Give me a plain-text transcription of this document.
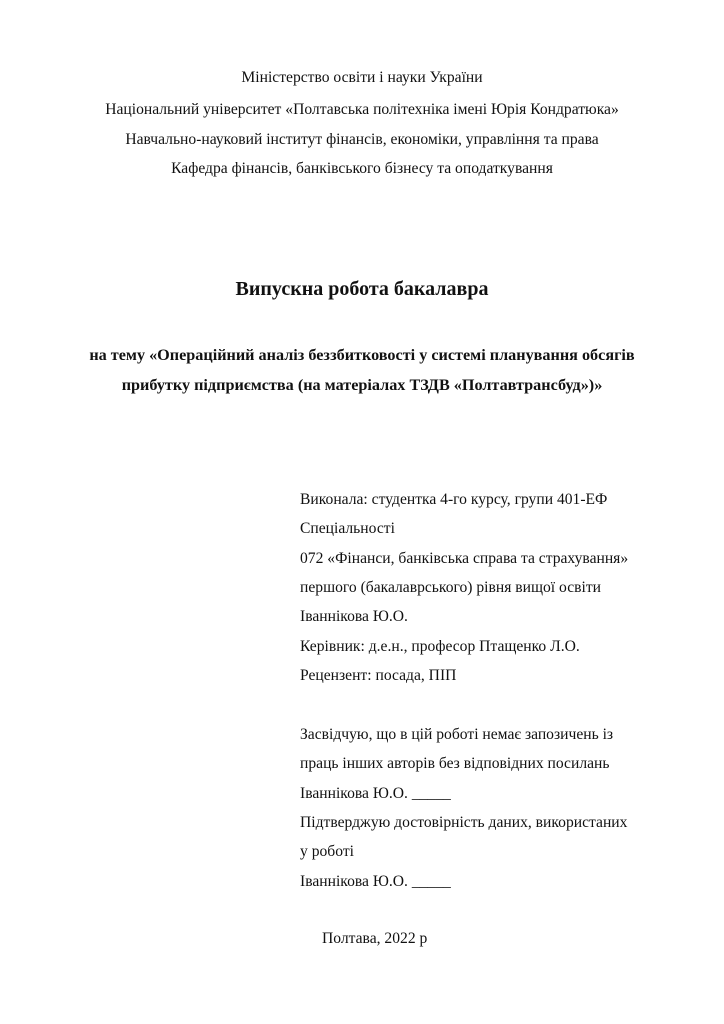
Міністерство освіти і науки України
Національний університет «Полтавська політехніка імені Юрія Кондратюка»
Навчально-науковий інститут фінансів, економіки, управління та права
Кафедра фінансів, банківського бізнесу та оподаткування
Випускна робота бакалавра
на тему «Операційний аналіз беззбитковості у системі планування обсягів
прибутку підприємства (на матеріалах ТЗДВ «Полтавтрансбуд»)»
Виконала: студентка 4-го курсу, групи 401-ЕФ
Спеціальності
072 «Фінанси, банківська справа та страхування»
першого (бакалаврського) рівня вищої освіти
Іваннікова Ю.О.
Керівник: д.е.н., професор Птащенко Л.О.
Рецензент: посада, ПІП
Засвідчую, що в цій роботі немає запозичень із
праць інших авторів без відповідних посилань
Іваннікова Ю.О. _____
Підтверджую достовірність даних, використаних
у роботі
Іваннікова Ю.О. _____
Полтава, 2022 р
